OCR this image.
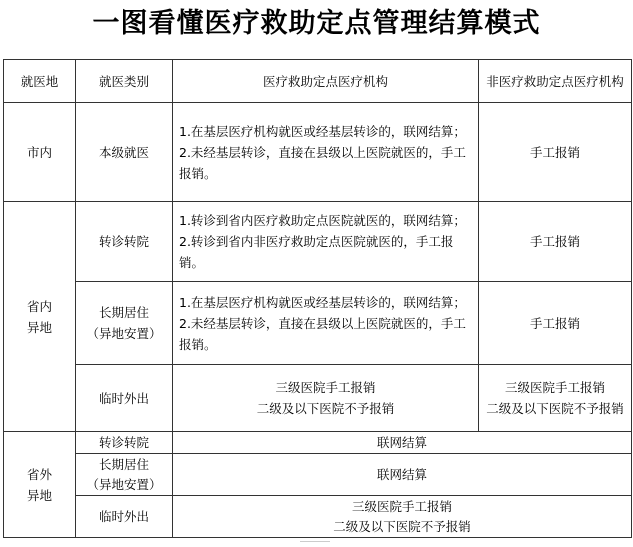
一图看懂医疗救助定点管理结算模式
就医地	就医类别	医疗救助定点医疗机构	非医疗救助定点医疗机构
市内	本级就医	1.在基层医疗机构就医或经基层转诊的，联网结算；
2.未经基层转诊，直接在县级以上医院就医的，手工报销。	手工报销

省内
异地	转诊转院	1.转诊到省内医疗救助定点医院就医的，联网结算；
2.转诊到省内非医疗救助定点医院就医的，手工报销。	手工报销

	长期居住
（异地安置）	1.在基层医疗机构就医或经基层转诊的，联网结算；
2.未经基层转诊，直接在县级以上医院就医的，手工报销。	手工报销

	临时外出	三级医院手工报销
二级及以下医院不予报销	三级医院手工报销
二级及以下医院不予报销

省外
异地	转诊转院	联网结算	

	长期居住
（异地安置）	联网结算	

	临时外出	三级医院手工报销
二级及以下医院不予报销	
